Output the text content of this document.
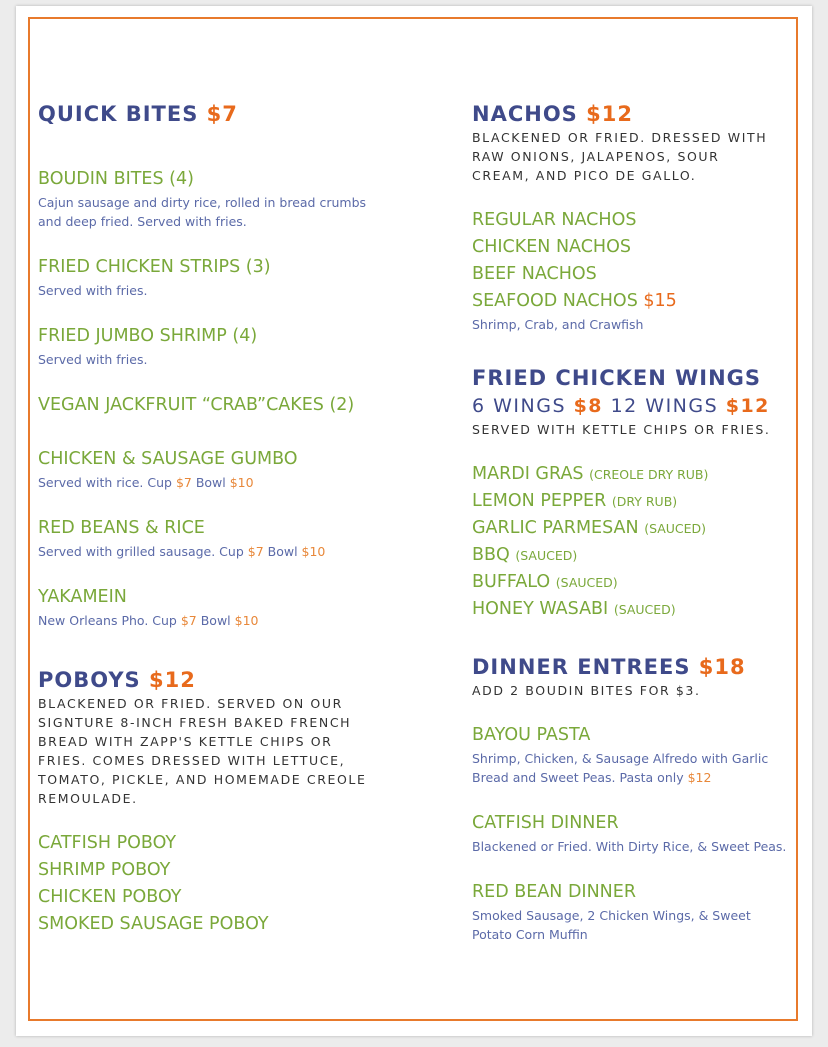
QUICK BITES $7
BOUDIN BITES (4)
Cajun sausage and dirty rice, rolled in bread crumbs and deep fried. Served with fries.
FRIED CHICKEN STRIPS (3)
Served with fries.
FRIED JUMBO SHRIMP (4)
Served with fries.
VEGAN JACKFRUIT “CRAB”CAKES (2)
CHICKEN & SAUSAGE GUMBO
Served with rice. Cup $7 Bowl $10
RED BEANS & RICE
Served with grilled sausage. Cup $7 Bowl $10
YAKAMEIN
New Orleans Pho. Cup $7 Bowl $10
POBOYS $12
BLACKENED OR FRIED. SERVED ON OUR SIGNTURE 8-INCH FRESH BAKED FRENCH BREAD WITH ZAPP'S KETTLE CHIPS OR FRIES. COMES DRESSED WITH LETTUCE, TOMATO, PICKLE, AND HOMEMADE CREOLE REMOULADE.
CATFISH POBOY
SHRIMP POBOY
CHICKEN POBOY
SMOKED SAUSAGE POBOY
NACHOS $12
BLACKENED OR FRIED. DRESSED WITH RAW ONIONS, JALAPENOS, SOUR CREAM, AND PICO DE GALLO.
REGULAR NACHOS
CHICKEN NACHOS
BEEF NACHOS
SEAFOOD NACHOS $15
Shrimp, Crab, and Crawfish
FRIED CHICKEN WINGS
6 WINGS $8 12 WINGS $12
SERVED WITH KETTLE CHIPS OR FRIES.
MARDI GRAS (CREOLE DRY RUB)
LEMON PEPPER (DRY RUB)
GARLIC PARMESAN (SAUCED)
BBQ (SAUCED)
BUFFALO (SAUCED)
HONEY WASABI (SAUCED)
DINNER ENTREES $18
ADD 2 BOUDIN BITES FOR $3.
BAYOU PASTA
Shrimp, Chicken, & Sausage Alfredo with Garlic Bread and Sweet Peas. Pasta only $12
CATFISH DINNER
Blackened or Fried. With Dirty Rice, & Sweet Peas.
RED BEAN DINNER
Smoked Sausage, 2 Chicken Wings, & Sweet Potato Corn Muffin
